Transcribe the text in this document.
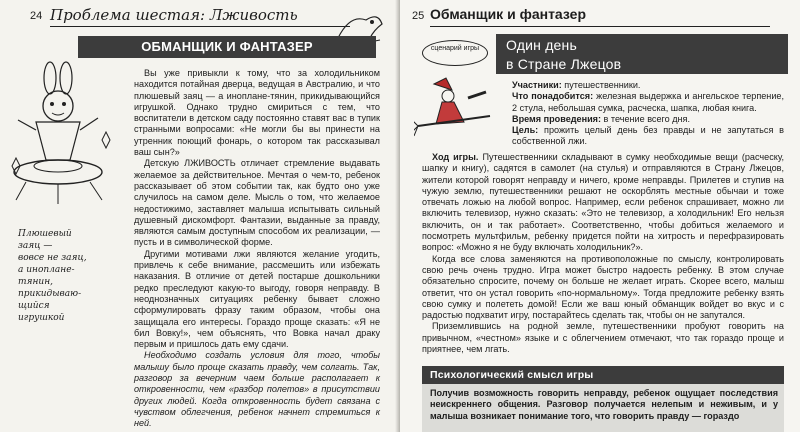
24 Проблема шестая: Лживость
ОБМАНЩИК И ФАНТАЗЕР
Плюшевый
заяц —
вовсе не заяц,
а инопланe-
тянин,
прикидываю-
щийся
игрушкой

Вы уже привыкли к тому, что за холодильником находится потайная дверца, ведущая в Австралию, и что плюшевый заяц — а иноплане-тянин, прикидывающийся игрушкой. Однако трудно смириться с тем, что воспитатели в детском саду постоянно ставят вас в тупик странными вопросами: «Не могли бы вы принести на утренник поющий фонарь, о котором так рассказывал ваш сын?»

Детскую ЛЖИВОСТЬ отличает стремление выдавать желаемое за действительное. Мечтая о чем-то, ребенок рассказывает об этом событии так, как будто оно уже случилось на самом деле. Мысль о том, что желаемое недостижимо, заставляет малыша испытывать сильный душевный дискомфорт. Фантазии, выданные за правду, являются самым доступным способом их реализации, — пусть и в символической форме.

Другими мотивами лжи являются желание угодить, привлечь к себе внимание, рассмешить или избежать наказания. В отличие от детей постарше дошкольники редко преследуют какую-то выгоду, говоря неправду. В неоднозначных ситуациях ребенку бывает сложно сформулировать фразу таким образом, чтобы она защищала его интересы. Гораздо проще сказать: «Я не бил Вовку!», чем объяснять, что Вовка начал драку первым и пришлось дать ему сдачи.

Необходимо создать условия для того, чтобы малышу было проще сказать правду, чем солгать. Так, разговор за вечерним чаем больше располагает к откровенности, чем «разбор полетов» в присутствии других людей. Когда откровенность будет связана с чувством облегчения, ребенок начнет стремиться к ней.

25 Обманщик и фантазер
сценарий игры	Один день
в Стране Лжецов
Участники: путешественники.
Что понадобится: железная выдержка и ангельское терпение, 2 стула, небольшая сумка, расческа, шапка, любая книга.
Время проведения: в течение всего дня.
Цель: прожить целый день без правды и не запутаться в собственной лжи.

Ход игры. Путешественники складывают в сумку необходимые вещи (расческу, шапку и книгу), садятся в самолет (на стулья) и отправляются в Страну Лжецов, жители которой говорят неправду и ничего, кроме неправды. Прилетев и ступив на чужую землю, путешественники решают не оскорблять местные обычаи и тоже отвечать ложью на любой вопрос. Например, если ребенок спрашивает, можно ли включить телевизор, нужно сказать: «Это не телевизор, а холодильник! Его нельзя включить, он и так работает». Соответственно, чтобы добиться желаемого и посмотреть мультфильм, ребенку придется пойти на хитрость и перефразировать вопрос: «Можно я не буду включать холодильник?».

Когда все слова заменяются на противоположные по смыслу, контролировать свою речь очень трудно. Игра может быстро надоесть ребенку. В этом случае обязательно спросите, почему он больше не желает играть. Скорее всего, малыш ответит, что он устал говорить «по-нормальному». Тогда предложите ребенку взять свою сумку и полететь домой! Если же ваш юный обманщик войдет во вкус и с радостью подхватит игру, постарайтесь сделать так, чтобы он не запутался.

Приземлившись на родной земле, путешественники пробуют говорить на привычном, «честном» языке и с облегчением отмечают, что так гораздо проще и приятнее, чем лгать.

Психологический смысл игры
Получив возможность говорить неправду, ребенок ощущает последствия неискреннего общения. Разговор получается нелепым и неживым, и у малыша возникает понимание того, что говорить правду — гораздо
